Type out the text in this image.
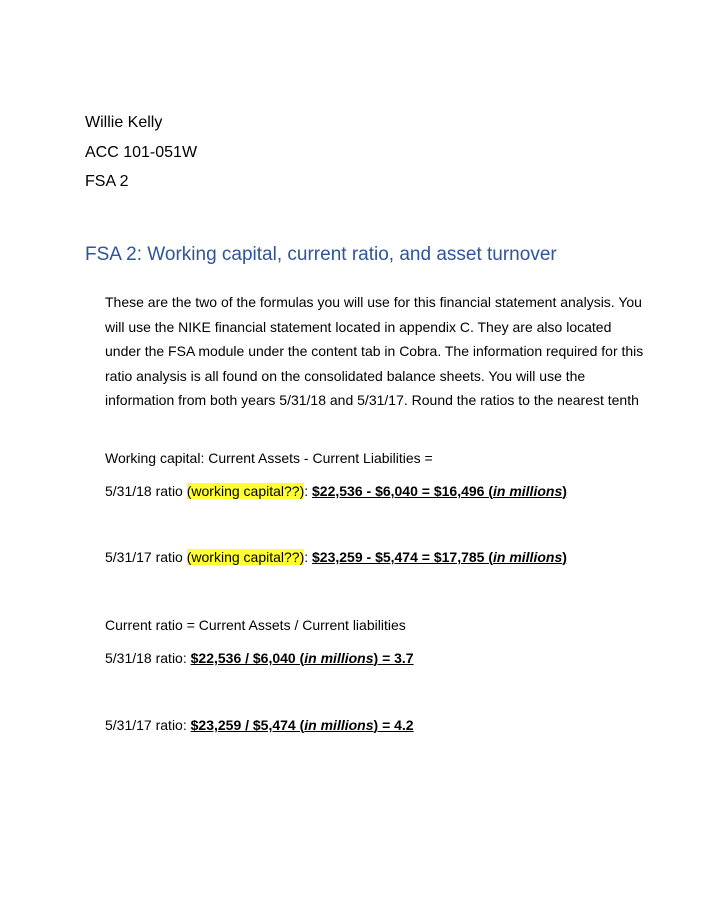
Willie Kelly
ACC 101-051W
FSA 2
FSA 2: Working capital, current ratio, and asset turnover

These are the two of the formulas you will use for this financial statement analysis. You will use the NIKE financial statement located in appendix C. They are also located under the FSA module under the content tab in Cobra. The information required for this ratio analysis is all found on the consolidated balance sheets. You will use the information from both years 5/31/18 and 5/31/17. Round the ratios to the nearest tenth

Working capital: Current Assets - Current Liabilities =
5/31/18 ratio (working capital??): $22,536 - $6,040 = $16,496 (in millions)
5/31/17 ratio (working capital??): $23,259 - $5,474 = $17,785 (in millions)
Current ratio = Current Assets / Current liabilities
5/31/18 ratio: $22,536 / $6,040 (in millions) = 3.7
5/31/17 ratio: $23,259 / $5,474 (in millions) = 4.2
